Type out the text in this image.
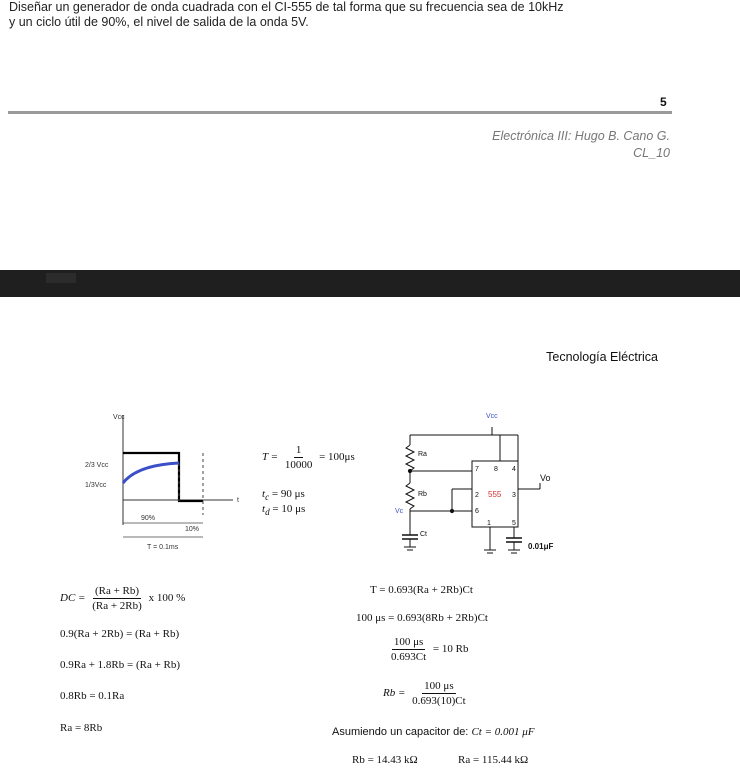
Diseñar un generador de onda cuadrada con el CI-555 de tal forma que su frecuencia sea de 10kHz
y un ciclo útil de 90%, el nivel de salida de la onda 5V.
5
Electrónica III: Hugo B. Cano G.
CL_10
Tecnología Eléctrica
Vcc
2/3 Vcc
1/3Vcc
t
90%
10%
T = 0.1ms
$T = \frac{1}{10000} = 100\mu s$
$t_c = 90$ μs
$t_d = 10$ μs
Vcc
Ra
Rb
Vc
Ct
555
Vo
0.01μF
7 8 4
2	3
6
1	5
DC = $\frac{(Ra + Rb)}{(Ra + 2Rb)}$ x 100 %
0.9(Ra + 2Rb) = (Ra + Rb)
0.9Ra + 1.8Rb = (Ra + Rb)
0.8Rb = 0.1Ra
Ra = 8Rb
T = 0.693(Ra + 2Rb)Ct
100 μs = 0.693(8Rb + 2Rb)Ct
$\frac{100 \mu s}{0.693Ct} = 10$ Rb
$Rb = \frac{100 \mu s}{0.693(10)Ct}$
Asumiendo un capacitor de: Ct = 0.001 μF
Rb = 14.43 kΩ	Ra = 115.44 kΩ
